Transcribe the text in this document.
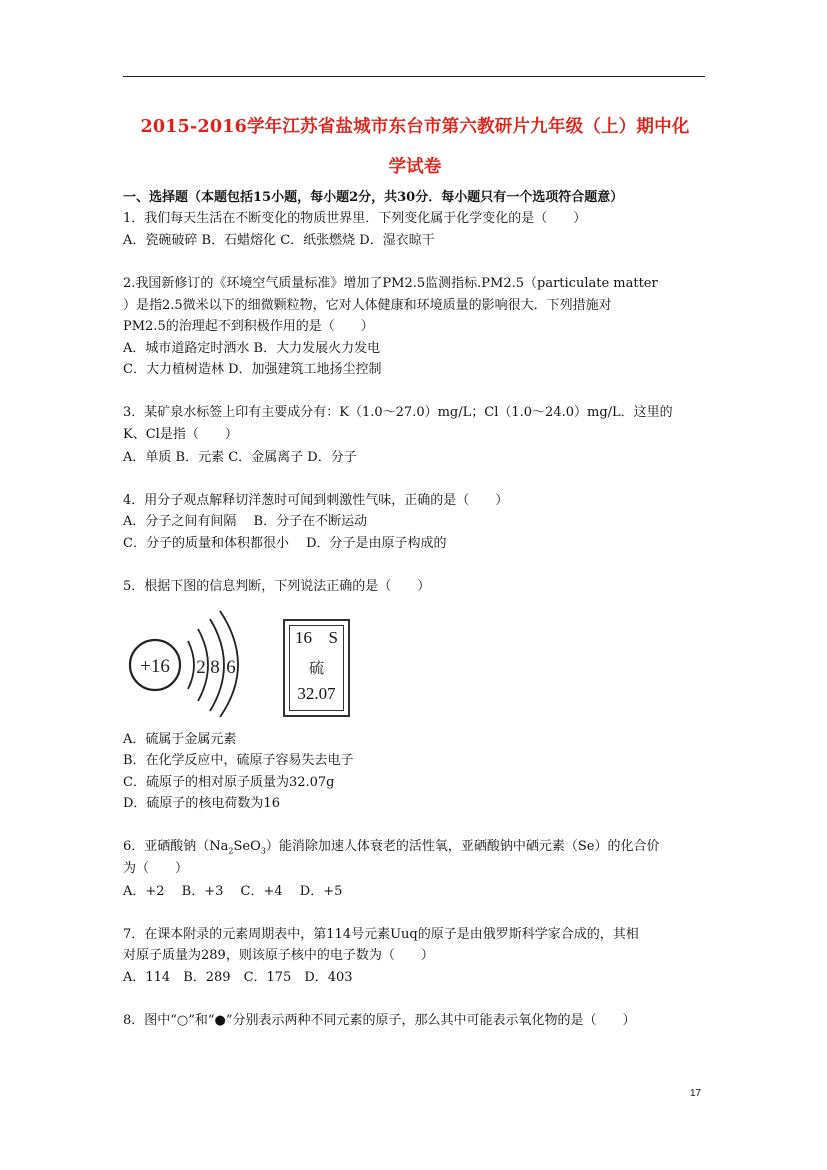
2015-2016学年江苏省盐城市东台市第六教研片九年级（上）期中化
学试卷
一、选择题（本题包括15小题，每小题2分，共30分．每小题只有一个选项符合题意）
1．我们每天生活在不断变化的物质世界里．下列变化属于化学变化的是（　　）
A．瓷碗破碎 B．石蜡熔化 C．纸张燃烧 D．湿衣晾干
2.我国新修订的《环境空气质量标准》增加了PM2.5监测指标.PM2.5（particulate matter
）是指2.5微米以下的细微颗粒物，它对人体健康和环境质量的影响很大．下列措施对
PM2.5的治理起不到积极作用的是（　　）
A．城市道路定时洒水 B．大力发展火力发电
C．大力植树造林 D．加强建筑工地扬尘控制
3．某矿泉水标签上印有主要成分有：K（1.0～27.0）mg/L；Cl（1.0～24.0）mg/L．这里的
K、Cl是指（　　）
A．单质 B．元素 C．金属离子 D．分子
4．用分子观点解释切洋葱时可闻到刺激性气味，正确的是（　　）
A．分子之间有间隔　 B．分子在不断运动
C．分子的质量和体积都很小　 D．分子是由原子构成的
5．根据下图的信息判断，下列说法正确的是（　　）
+16 2 8 6
16 S
硫
32.07
A．硫属于金属元素
B．在化学反应中，硫原子容易失去电子
C．硫原子的相对原子质量为32.07g
D．硫原子的核电荷数为16
6．亚硒酸钠$(Na_2SeO_3)$能消除加速人体衰老的活性氧，亚硒酸钠中硒元素（Se）的化合价
为（　　）
A．+2　 B．+3　 C．+4　 D．+5
7．在课本附录的元素周期表中，第114号元素Uuq的原子是由俄罗斯科学家合成的，其相
对原子质量为289，则该原子核中的电子数为（　　）
A．114　B．289　C．175　D．403
8．图中“○”和“●”分别表示两种不同元素的原子，那么其中可能表示氧化物的是（　　）
17
